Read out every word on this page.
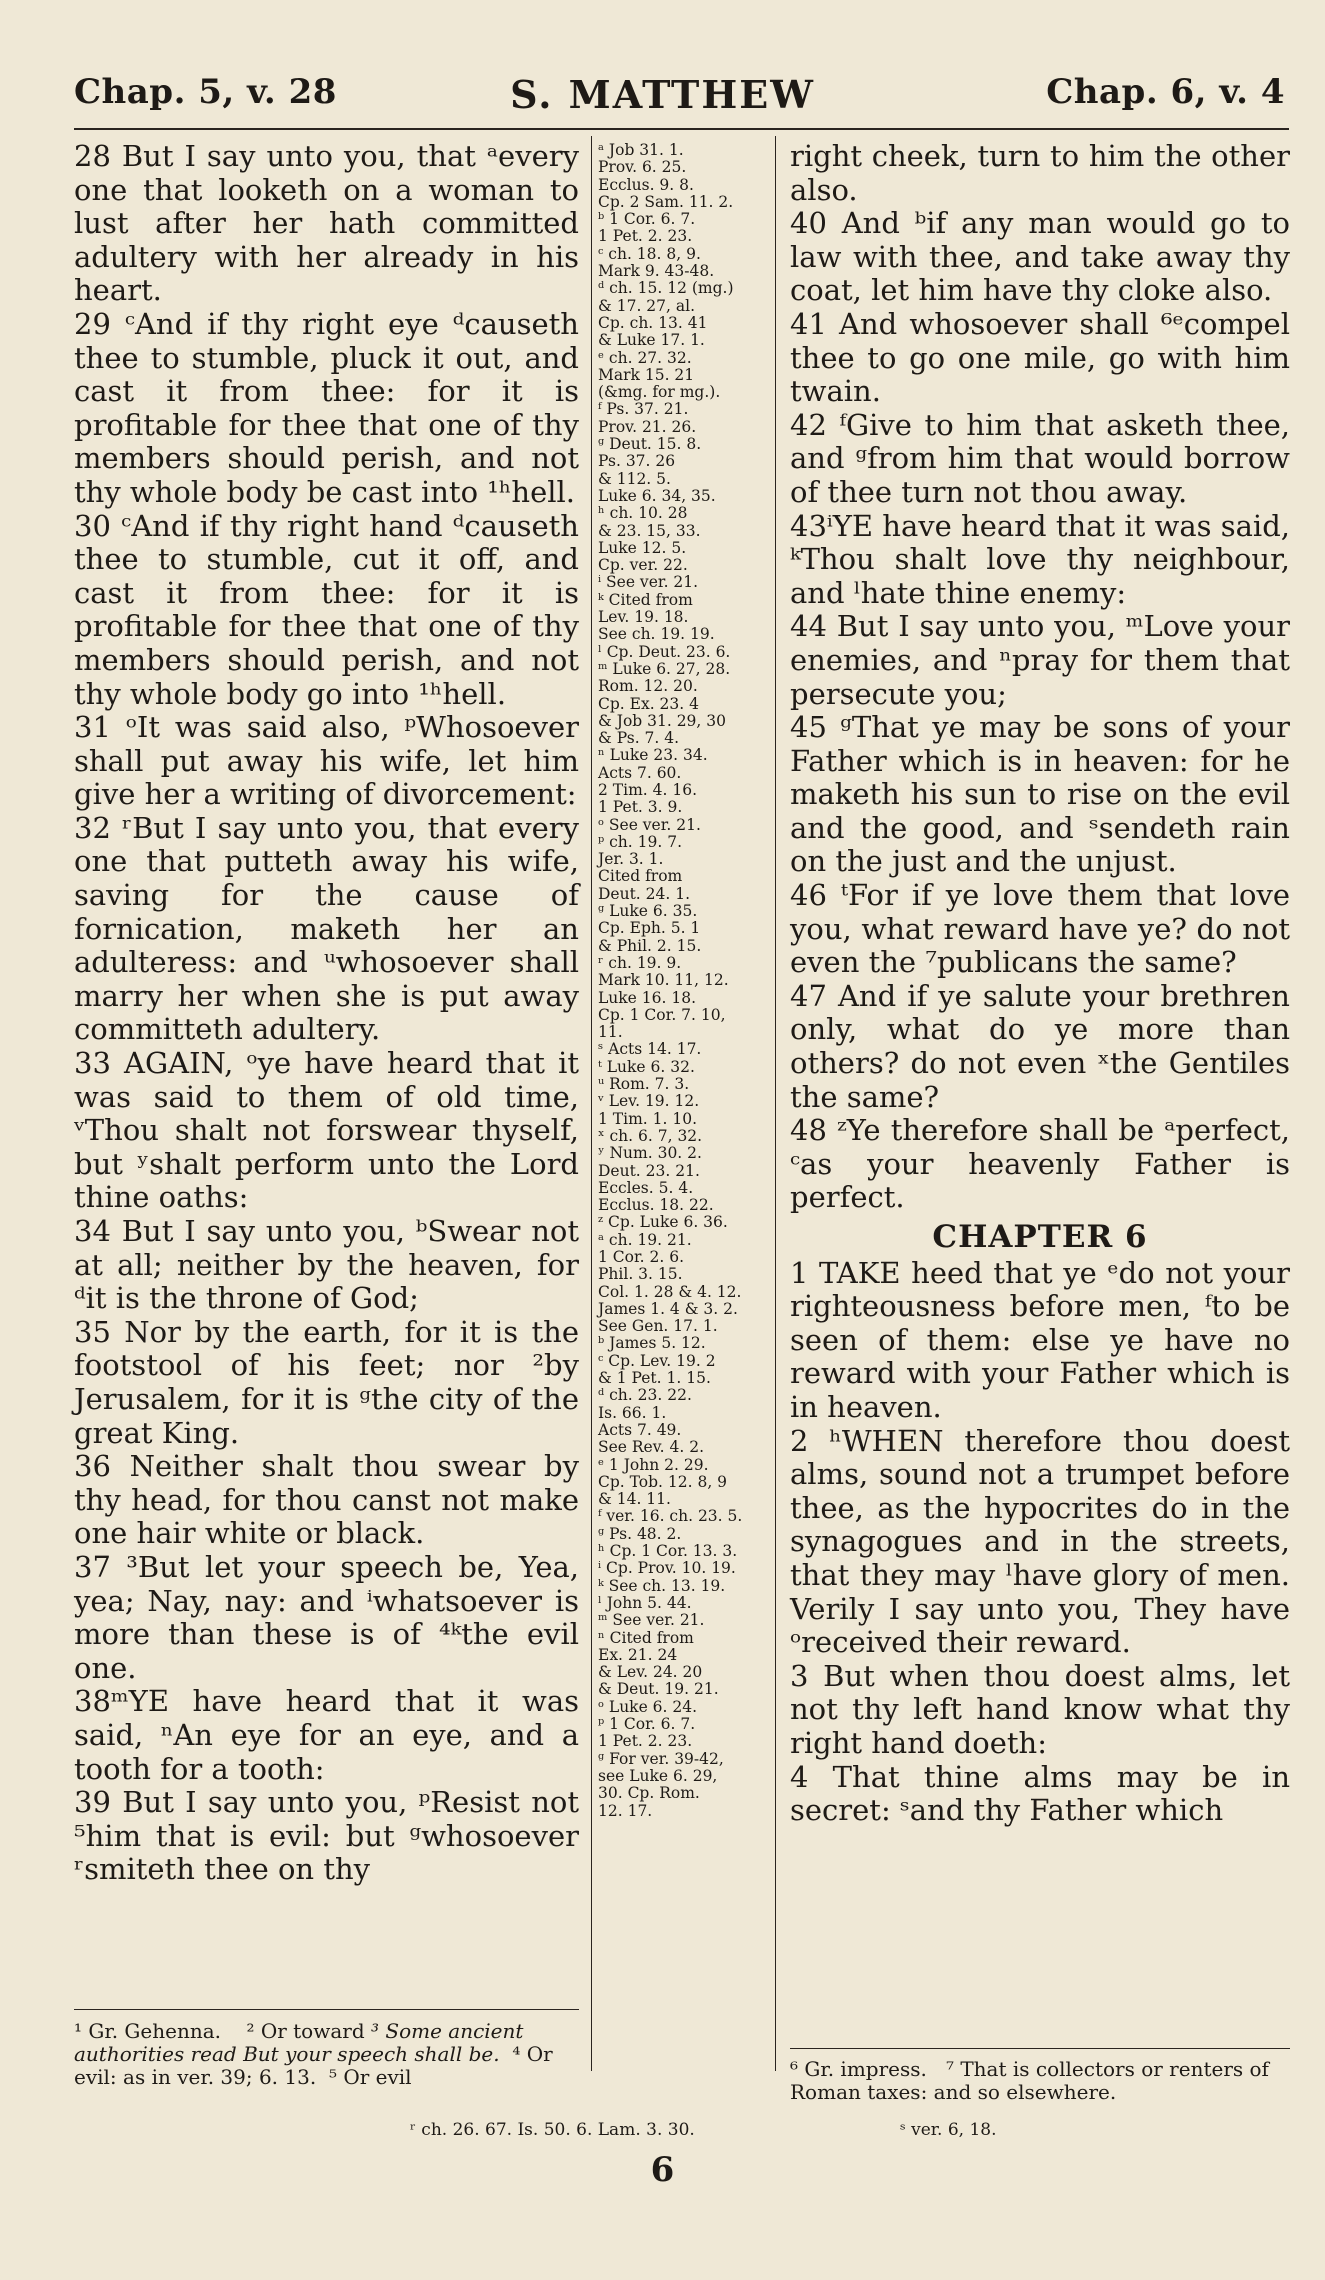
Chap. 5, v. 28	S. MATTHEW	Chap. 6, v. 4

28 But I say unto you, that ᵃevery one that looketh on a woman to lust after her hath committed adultery with her already in his heart.

29 ᶜAnd if thy right eye ᵈcauseth thee to stumble, pluck it out, and cast it from thee: for it is profitable for thee that one of thy members should perish, and not thy whole body be cast into ¹ʰhell.

30 ᶜAnd if thy right hand ᵈcauseth thee to stumble, cut it off, and cast it from thee: for it is profitable for thee that one of thy members should perish, and not thy whole body go into ¹ʰhell.

31 ᵒIt was said also, ᵖWhosoever shall put away his wife, let him give her a writing of divorcement:

32 ʳBut I say unto you, that every one that putteth away his wife, saving for the cause of fornication, maketh her an adulteress: and ᵘwhosoever shall marry her when she is put away committeth adultery.

33 AGAIN, ᵒye have heard that it was said to them of old time, ᵛThou shalt not forswear thyself, but ʸshalt perform unto the Lord thine oaths:

34 But I say unto you, ᵇSwear not at all; neither by the heaven, for ᵈit is the throne of God;

35 Nor by the earth, for it is the footstool of his feet; nor ²by Jerusalem, for it is ᵍthe city of the great King.

36 Neither shalt thou swear by thy head, for thou canst not make one hair white or black.

37 ³But let your speech be, Yea, yea; Nay, nay: and ⁱwhatsoever is more than these is of ⁴ᵏthe evil one.

38ᵐYE have heard that it was said, ⁿAn eye for an eye, and a tooth for a tooth:

39 But I say unto you, ᵖResist not ⁵him that is evil: but ᵍwhosoever ʳsmiteth thee on thy

ᵃ Job 31. 1.
Prov. 6. 25.
Ecclus. 9. 8.
Cp. 2 Sam. 11. 2.
ᵇ 1 Cor. 6. 7.
1 Pet. 2. 23.
ᶜ ch. 18. 8, 9.
Mark 9. 43-48.
ᵈ ch. 15. 12 (mg.)
& 17. 27, al.
Cp. ch. 13. 41
& Luke 17. 1.
ᵉ ch. 27. 32.
Mark 15. 21
(&mg. for mg.).
ᶠ Ps. 37. 21.
Prov. 21. 26.
ᵍ Deut. 15. 8.
Ps. 37. 26
& 112. 5.
Luke 6. 34, 35.
ʰ ch. 10. 28
& 23. 15, 33.
Luke 12. 5.
Cp. ver. 22.
ⁱ See ver. 21.
ᵏ Cited from
Lev. 19. 18.
See ch. 19. 19.
ˡ Cp. Deut. 23. 6.
ᵐ Luke 6. 27, 28.
Rom. 12. 20.
Cp. Ex. 23. 4
& Job 31. 29, 30
& Ps. 7. 4.
ⁿ Luke 23. 34.
Acts 7. 60.
2 Tim. 4. 16.
1 Pet. 3. 9.
ᵒ See ver. 21.
ᵖ ch. 19. 7.
Jer. 3. 1.
Cited from
Deut. 24. 1.
ᵍ Luke 6. 35.
Cp. Eph. 5. 1
& Phil. 2. 15.
ʳ ch. 19. 9.
Mark 10. 11, 12.
Luke 16. 18.
Cp. 1 Cor. 7. 10,
11.
ˢ Acts 14. 17.
ᵗ Luke 6. 32.
ᵘ Rom. 7. 3.
ᵛ Lev. 19. 12.
1 Tim. 1. 10.
ˣ ch. 6. 7, 32.
ʸ Num. 30. 2.
Deut. 23. 21.
Eccles. 5. 4.
Ecclus. 18. 22.
ᶻ Cp. Luke 6. 36.
ᵃ ch. 19. 21.
1 Cor. 2. 6.
Phil. 3. 15.
Col. 1. 28 & 4. 12.
James 1. 4 & 3. 2.
See Gen. 17. 1.
ᵇ James 5. 12.
ᶜ Cp. Lev. 19. 2
& 1 Pet. 1. 15.
ᵈ ch. 23. 22.
Is. 66. 1.
Acts 7. 49.
See Rev. 4. 2.
ᵉ 1 John 2. 29.
Cp. Tob. 12. 8, 9
& 14. 11.
ᶠ ver. 16. ch. 23. 5.
ᵍ Ps. 48. 2.
ʰ Cp. 1 Cor. 13. 3.
ⁱ Cp. Prov. 10. 19.
ᵏ See ch. 13. 19.
ˡ John 5. 44.
ᵐ See ver. 21.
ⁿ Cited from
Ex. 21. 24
& Lev. 24. 20
& Deut. 19. 21.
ᵒ Luke 6. 24.
ᵖ 1 Cor. 6. 7.
1 Pet. 2. 23.
ᵍ For ver. 39-42,
see Luke 6. 29,
30. Cp. Rom.
12. 17.

right cheek, turn to him the other also.

40 And ᵇif any man would go to law with thee, and take away thy coat, let him have thy cloke also.

41 And whosoever shall ⁶ᵉcompel thee to go one mile, go with him twain.

42 ᶠGive to him that asketh thee, and ᵍfrom him that would borrow of thee turn not thou away.

43ⁱYE have heard that it was said, ᵏThou shalt love thy neighbour, and ˡhate thine enemy:

44 But I say unto you, ᵐLove your enemies, and ⁿpray for them that persecute you;

45 ᵍThat ye may be sons of your Father which is in heaven: for he maketh his sun to rise on the evil and the good, and ˢsendeth rain on the just and the unjust.

46 ᵗFor if ye love them that love you, what reward have ye? do not even the ⁷publicans the same?

47 And if ye salute your brethren only, what do ye more than others? do not even ˣthe Gentiles the same?

48 ᶻYe therefore shall be ᵃperfect, ᶜas your heavenly Father is perfect.

CHAPTER 6

1 TAKE heed that ye ᵉdo not your righteousness before men, ᶠto be seen of them: else ye have no reward with your Father which is in heaven.

2 ʰWHEN therefore thou doest alms, sound not a trumpet before thee, as the hypocrites do in the synagogues and in the streets, that they may ˡhave glory of men. Verily I say unto you, They have ᵒreceived their reward.

3 But when thou doest alms, let not thy left hand know what thy right hand doeth:

4 That thine alms may be in secret: ˢand thy Father which

¹ Gr. Gehenna. ² Or toward ³ Some ancient authorities read But your speech shall be. ⁴ Or evil: as in ver. 39; 6. 13. ⁵ Or evil	⁶ Gr. impress. ⁷ That is collectors or renters of Roman taxes: and so elsewhere.
ʳ ch. 26. 67. Is. 50. 6. Lam. 3. 30.	ˢ ver. 6, 18.
6
